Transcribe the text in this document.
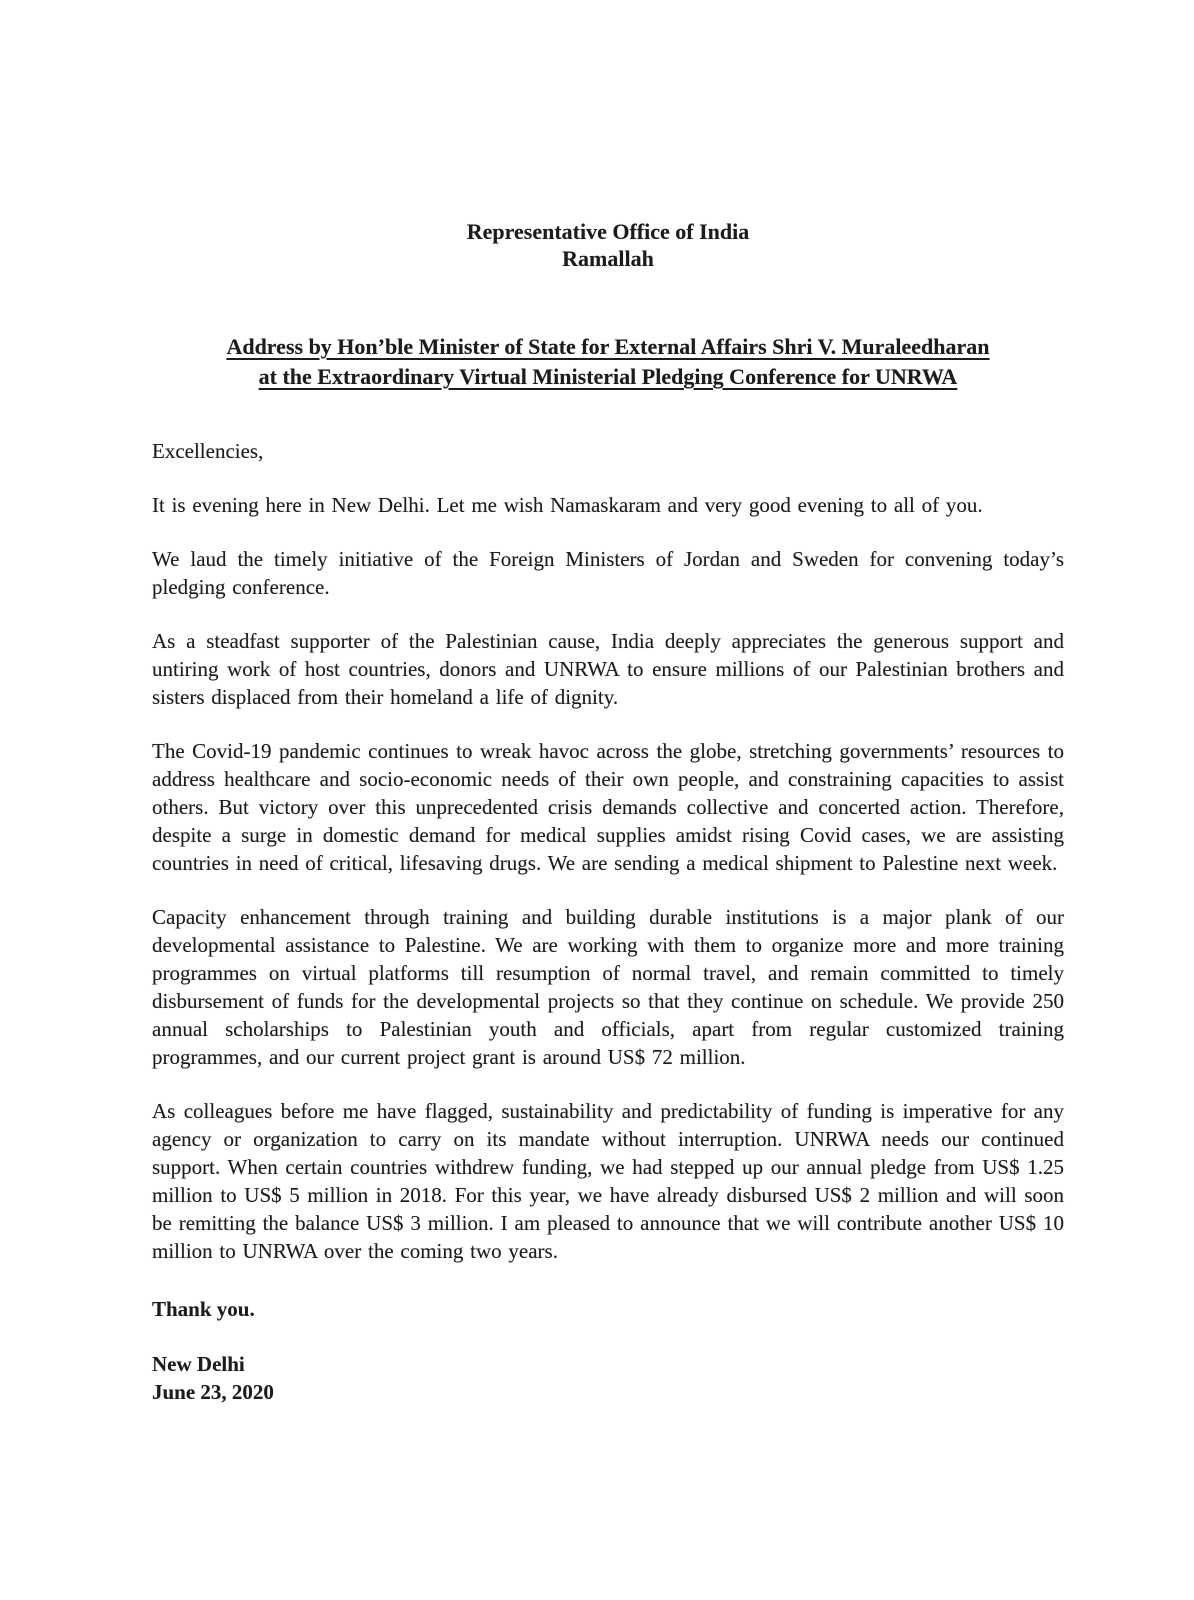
Representative Office of India
Ramallah
Address by Hon’ble Minister of State for External Affairs Shri V. Muraleedharan
at the Extraordinary Virtual Ministerial Pledging Conference for UNRWA

Excellencies,

It is evening here in New Delhi. Let me wish Namaskaram and very good evening to all of you.

We laud the timely initiative of the Foreign Ministers of Jordan and Sweden for convening today’s pledging conference.

As a steadfast supporter of the Palestinian cause, India deeply appreciates the generous support and untiring work of host countries, donors and UNRWA to ensure millions of our Palestinian brothers and sisters displaced from their homeland a life of dignity.

The Covid-19 pandemic continues to wreak havoc across the globe, stretching governments’ resources to address healthcare and socio-economic needs of their own people, and constraining capacities to assist others. But victory over this unprecedented crisis demands collective and concerted action. Therefore, despite a surge in domestic demand for medical supplies amidst rising Covid cases, we are assisting countries in need of critical, lifesaving drugs. We are sending a medical shipment to Palestine next week.

Capacity enhancement through training and building durable institutions is a major plank of our developmental assistance to Palestine. We are working with them to organize more and more training programmes on virtual platforms till resumption of normal travel, and remain committed to timely disbursement of funds for the developmental projects so that they continue on schedule. We provide 250 annual scholarships to Palestinian youth and officials, apart from regular customized training programmes, and our current project grant is around US$ 72 million.

As colleagues before me have flagged, sustainability and predictability of funding is imperative for any agency or organization to carry on its mandate without interruption. UNRWA needs our continued support. When certain countries withdrew funding, we had stepped up our annual pledge from US$ 1.25 million to US$ 5 million in 2018. For this year, we have already disbursed US$ 2 million and will soon be remitting the balance US$ 3 million. I am pleased to announce that we will contribute another US$ 10 million to UNRWA over the coming two years.

Thank you.

New Delhi
June 23, 2020
